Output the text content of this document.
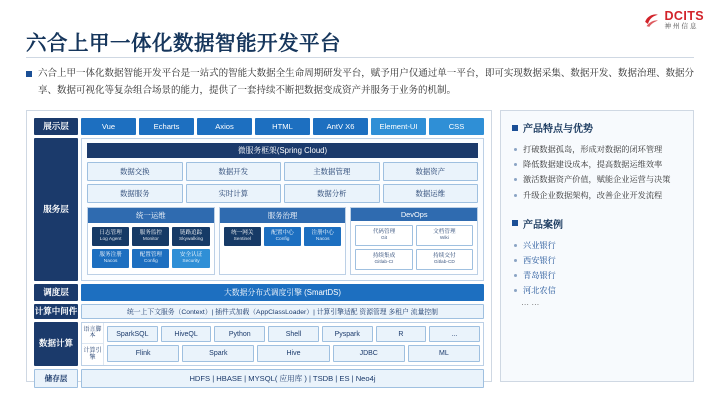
DCITS
神州信息
六合上甲一体化数据智能开发平台
六合上甲一体化数据智能开发平台是一站式的智能大数据全生命周期研发平台，赋予用户仅通过单一平台，即可实现数据采集、数据开发、数据治理、数据分享、数据可视化等复杂组合场景的能力，提供了一套持续不断把数据变成资产并服务于业务的机制。
展示层
服务层
调度层
计算中间件
数据计算
储存层
Vue	Echarts	Axios	HTML	AntV X6	Element-UI	CSS
微服务框架(Spring Cloud)
数据交换	数据开发	主数据管理	数据资产
数据服务	实时计算	数据分析	数据运维
统一运维
日志管理
Log Agent
服务监控
Monitor
链路追踪
Skywalking
服务注册
Nacos
配置管理
Config
安全认证
Security
服务治理
统一网关
Sentinel
配置中心
Config
注册中心
Nacos
DevOps
代码管理
Git
文档管理
Wiki
持续集成
Gitlab-CI
持续交付
Gitlab-CD
大数据分布式调度引擎 (SmartDS)
统一上下文服务（Context）| 插件式加载（AppClassLoader）| 计算引擎适配 资源管理 多租户 流量控制
语言脚本
计算引擎
SparkSQL	HiveQL	Python	Shell	Pyspark	R	...
Flink	Spark	Hive	JDBC	ML
HDFS | HBASE | MYSQL( 应用库 ) | TSDB | ES | Neo4j
产品特点与优势
打破数据孤岛，形成对数据的闭环管理
降低数据建设成本，提高数据运维效率
激活数据资产价值，赋能企业运营与决策
升级企业数据架构，改善企业开发流程
产品案例
兴业银行
西安银行
青岛银行
河北农信
……
